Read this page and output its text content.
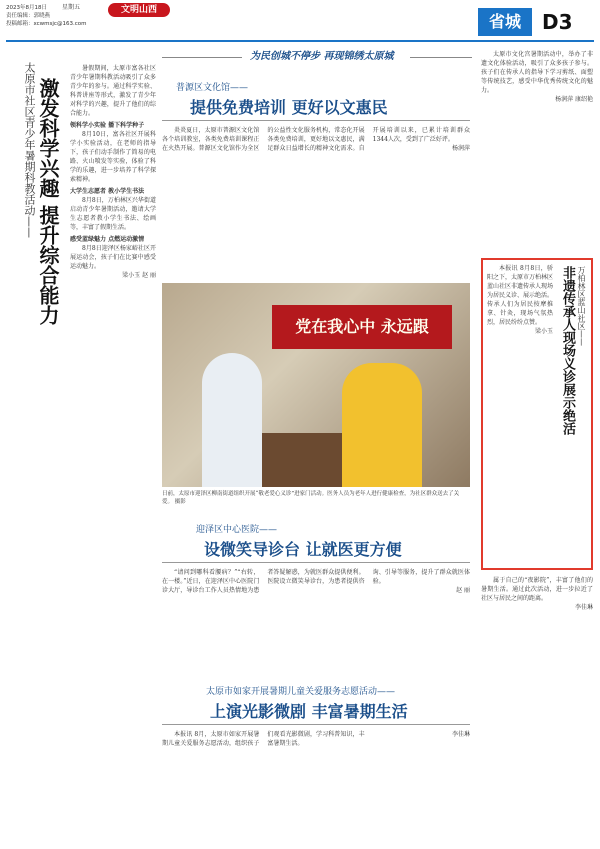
2023年8月18日
责任编辑：郭晓燕
投稿邮箱：xcwmsjc@163.com
星期五	文明山西
省城	D3
为民创城不停步 再现锦绣太原城
太原市社区青少年暑期科教活动—— 激发科学兴趣 提升综合能力

暑假期间，太原市富各社区青少年暑期科教活动吸引了众多青少年的参与。通过科学实验、科普讲座等形式，激发了青少年对科学的兴趣，提升了他们的综合能力。

领科学小实验 播下科学种子

8月10日，富各社区开展科学小实验活动，在老师的指导下，孩子们动手制作了简易的电路、火山喷发等实验，体验了科学的乐趣，进一步培养了科学探索精神。

大学生志愿者 教小学生书法

8月8日，万柏林区兴华街道启动青少年暑期活动，邀请大学生志愿者教小学生书法、绘画等，丰富了假期生活。

感受蓝绿魅力 点燃运动激情

8月8日迎泽区杨家峪社区开展运动会，孩子们在比赛中感受运动魅力。

梁小玉 赵 丽

普源区文化馆——
提供免费培训 更好以文惠民

炎炎夏日，太原市普源区文化馆各个培训教室，各类免费培训课程正在火热开展。普源区文化馆作为全区的公益性文化服务机构，常态化开展各类免费培训，更好地以文惠民，满足群众日益增长的精神文化需求。自开展培训以来，已累计培训群众1344人次，受到了广泛好评。

杨润萍

党在我心中 永远跟
日前，太原市迎泽区柳南街道组织开展“敬老爱心义诊”进家门活动。医务人员为老年人进行健康检查，为社区群众送去了关爱。 摄影
迎泽区中心医院——
设微笑导诊台 让就医更方便

“请问到哪科看腰病？”“右转，在一楼。”近日，在迎泽区中心医院门诊大厅，导诊台工作人员热情地为患者答疑解惑，为就医群众提供便利。医院设立微笑导诊台，为患者提供咨询、引导等服务，提升了群众就医体验。

赵 丽

太原市如家开展暑期儿童关爱服务志愿活动——
上演光影微剧 丰富暑期生活

本报讯 8月，太原市如家开展暑期儿童关爱服务志愿活动，组织孩子们观看光影微剧，学习科普知识，丰富暑期生活。

李佳琳

太原市文化宫暑期活动中，举办了非遗文化体验活动，吸引了众多孩子参与。孩子们在传承人的指导下学习剪纸、面塑等传统技艺，感受中华优秀传统文化的魅力。

杨润萍 康绍艳

万柏林区蓝山社区——
非遗传承人现场义诊展示绝活

本报讯 8月8日，骄阳之下，太原市万柏林区蓝山社区非遗传承人现场为居民义诊、展示绝活。传承人们为居民按摩推拿、针灸，现场气氛热烈，居民纷纷点赞。

梁小玉

属于自己的“夜影院”，丰富了他们的暑期生活。通过此次活动，进一步拉近了社区与居民之间的距离。

李佳琳
